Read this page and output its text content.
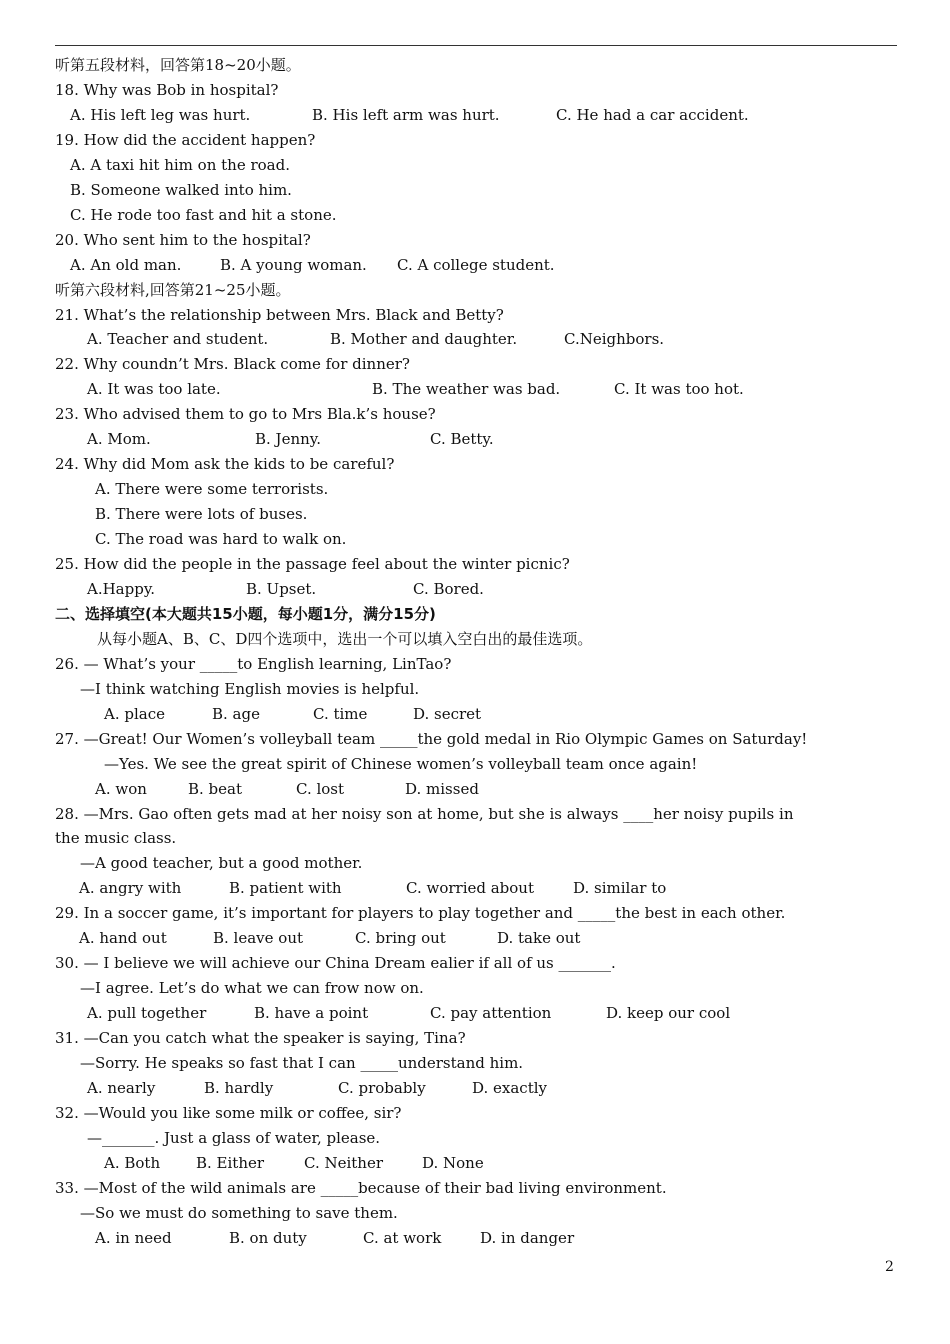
听第五段材料，回答第18~20小题。
18. Why was Bob in hospital?
A. His left leg was hurt.	B. His left arm was hurt.	C. He had a car accident.
19. How did the accident happen?
A. A taxi hit him on the road.
B. Someone walked into him.
C. He rode too fast and hit a stone.
20. Who sent him to the hospital?
A. An old man.	B. A young woman. C. A college student.
听第六段材料,回答第21~25小题。
21. What’s the relationship between Mrs. Black and Betty?
A. Teacher and student.	B. Mother and daughter.	C.Neighbors.
22. Why coundn’t Mrs. Black come for dinner?
A. It was too late.	B. The weather was bad.	C. It was too hot.
23. Who advised them to go to Mrs Bla.k’s house?
A. Mom.	B. Jenny.	C. Betty.
24. Why did Mom ask the kids to be careful?
A. There were some terrorists.
B. There were lots of buses.
C. The road was hard to walk on.
25. How did the people in the passage feel about the winter picnic?
A.Happy.	B. Upset.	C. Bored.
二、选择填空(本大题共15小题，每小题1分，满分15分)
从每小题A、B、C、D四个选项中，选出一个可以填入空白出的最佳选项。
26. — What’s your _____to English learning, LinTao?
—I think watching English movies is helpful.
A. place	B. age	C. time	D. secret
27. —Great! Our Women’s volleyball team _____the gold medal in Rio Olympic Games on Saturday!
—Yes. We see the great spirit of Chinese women’s volleyball team once again!
A. won	B. beat	C. lost	D. missed
28. —Mrs. Gao often gets mad at her noisy son at home, but she is always ____her noisy pupils in
the music class.
—A good teacher, but a good mother.
A. angry with	B. patient with	C. worried about	D. similar to
29. In a soccer game, it’s important for players to play together and _____the best in each other.
A. hand out	B. leave out	C. bring out	D. take out
30. — I believe we will achieve our China Dream ealier if all of us _______.
—I agree. Let’s do what we can frow now on.
A. pull together	B. have a point	C. pay attention	D. keep our cool
31. —Can you catch what the speaker is saying, Tina?
—Sorry. He speaks so fast that I can _____understand him.
A. nearly	B. hardly	C. probably	D. exactly
32. —Would you like some milk or coffee, sir?
—_______. Just a glass of water, please.
A. Both B. Either	C. Neither	D. None
33. —Most of the wild animals are _____because of their bad living environment.
—So we must do something to save them.
A. in need	B. on duty	C. at work	D. in danger
2
